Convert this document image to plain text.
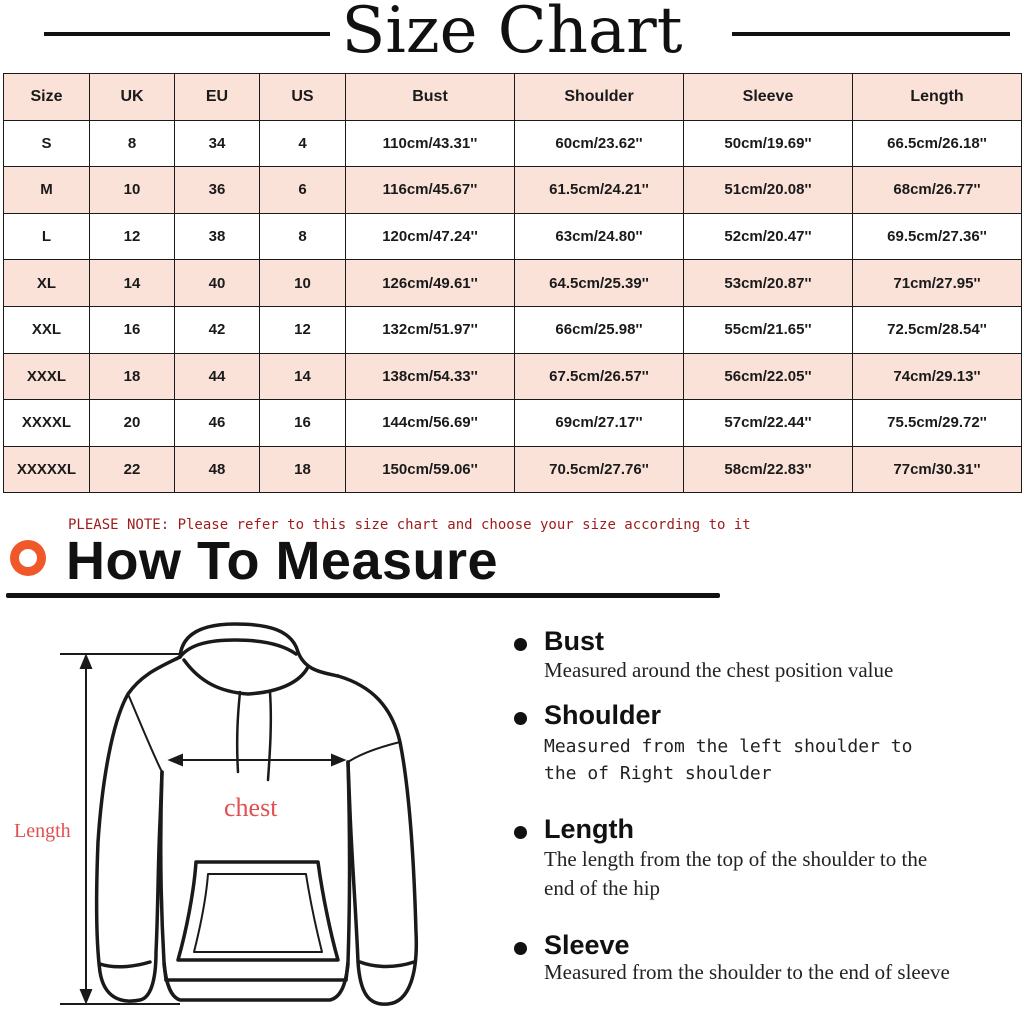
Size Chart
Size	UK	EU	US	Bust	Shoulder	Sleeve	Length
S	8	34	4	110cm/43.31''	60cm/23.62''	50cm/19.69''	66.5cm/26.18''
M	10	36	6	116cm/45.67''	61.5cm/24.21''	51cm/20.08''	68cm/26.77''
L	12	38	8	120cm/47.24''	63cm/24.80''	52cm/20.47''	69.5cm/27.36''
XL	14	40	10	126cm/49.61''	64.5cm/25.39''	53cm/20.87''	71cm/27.95''
XXL	16	42	12	132cm/51.97''	66cm/25.98''	55cm/21.65''	72.5cm/28.54''
XXXL	18	44	14	138cm/54.33''	67.5cm/26.57''	56cm/22.05''	74cm/29.13''
XXXXL	20	46	16	144cm/56.69''	69cm/27.17''	57cm/22.44''	75.5cm/29.72''
XXXXXL	22	48	18	150cm/59.06''	70.5cm/27.76''	58cm/22.83''	77cm/30.31''
PLEASE NOTE: Please refer to this size chart and choose your size according to it
How To Measure
chest
Length
Bust
Measured around the chest position value
Shoulder
Measured from the left shoulder to the of Right shoulder
Length
The length from the top of the shoulder to the end of the hip
Sleeve
Measured from the shoulder to the end of sleeve
